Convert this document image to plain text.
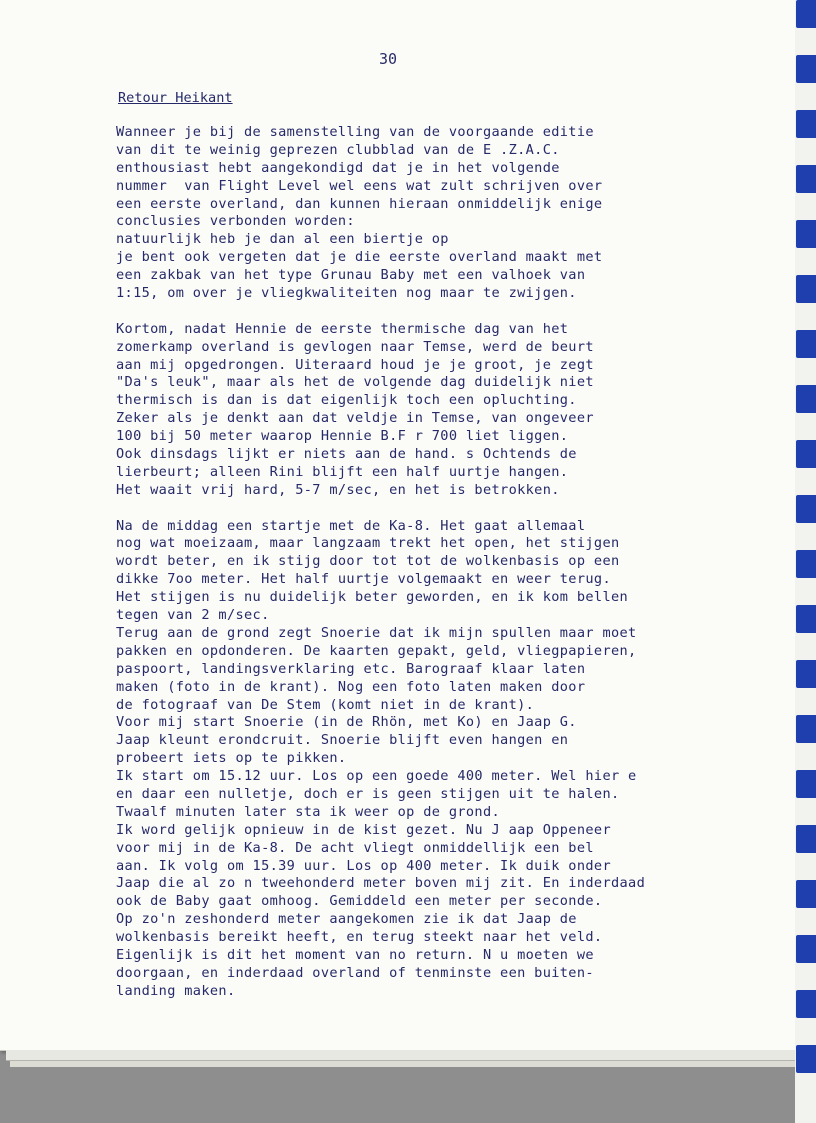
30
Retour Heikant
Wanneer je bij de samenstelling van de voorgaande editie
van dit te weinig geprezen clubblad van de E .Z.A.C.
enthousiast hebt aangekondigd dat je in het volgende
nummer  van Flight Level wel eens wat zult schrijven over
een eerste overland, dan kunnen hieraan onmiddelijk enige
conclusies verbonden worden:
natuurlijk heb je dan al een biertje op
je bent ook vergeten dat je die eerste overland maakt met
een zakbak van het type Grunau Baby met een valhoek van
1:15, om over je vliegkwaliteiten nog maar te zwijgen.
Kortom, nadat Hennie de eerste thermische dag van het
zomerkamp overland is gevlogen naar Temse, werd de beurt
aan mij opgedrongen. Uiteraard houd je je groot, je zegt
"Da's leuk", maar als het de volgende dag duidelijk niet
thermisch is dan is dat eigenlijk toch een opluchting.
Zeker als je denkt aan dat veldje in Temse, van ongeveer
100 bij 50 meter waarop Hennie B.F r 700 liet liggen.
Ook dinsdags lijkt er niets aan de hand. s Ochtends de
lierbeurt; alleen Rini blijft een half uurtje hangen.
Het waait vrij hard, 5-7 m/sec, en het is betrokken.
Na de middag een startje met de Ka-8. Het gaat allemaal
nog wat moeizaam, maar langzaam trekt het open, het stijgen
wordt beter, en ik stijg door tot tot de wolkenbasis op een
dikke 7oo meter. Het half uurtje volgemaakt en weer terug.
Het stijgen is nu duidelijk beter geworden, en ik kom bellen
tegen van 2 m/sec.
Terug aan de grond zegt Snoerie dat ik mijn spullen maar moet
pakken en opdonderen. De kaarten gepakt, geld, vliegpapieren,
paspoort, landingsverklaring etc. Barograaf klaar laten
maken (foto in de krant). Nog een foto laten maken door
de fotograaf van De Stem (komt niet in de krant).
Voor mij start Snoerie (in de Rhön, met Ko) en Jaap G.
Jaap kleunt erondcruit. Snoerie blijft even hangen en
probeert iets op te pikken.
Ik start om 15.12 uur. Los op een goede 400 meter. Wel hier e
en daar een nulletje, doch er is geen stijgen uit te halen.
Twaalf minuten later sta ik weer op de grond.
Ik word gelijk opnieuw in de kist gezet. Nu J aap Oppeneer
voor mij in de Ka-8. De acht vliegt onmiddellijk een bel
aan. Ik volg om 15.39 uur. Los op 400 meter. Ik duik onder
Jaap die al zo n tweehonderd meter boven mij zit. En inderdaad
ook de Baby gaat omhoog. Gemiddeld een meter per seconde.
Op zo'n zeshonderd meter aangekomen zie ik dat Jaap de
wolkenbasis bereikt heeft, en terug steekt naar het veld.
Eigenlijk is dit het moment van no return. N u moeten we
doorgaan, en inderdaad overland of tenminste een buiten-
landing maken.
